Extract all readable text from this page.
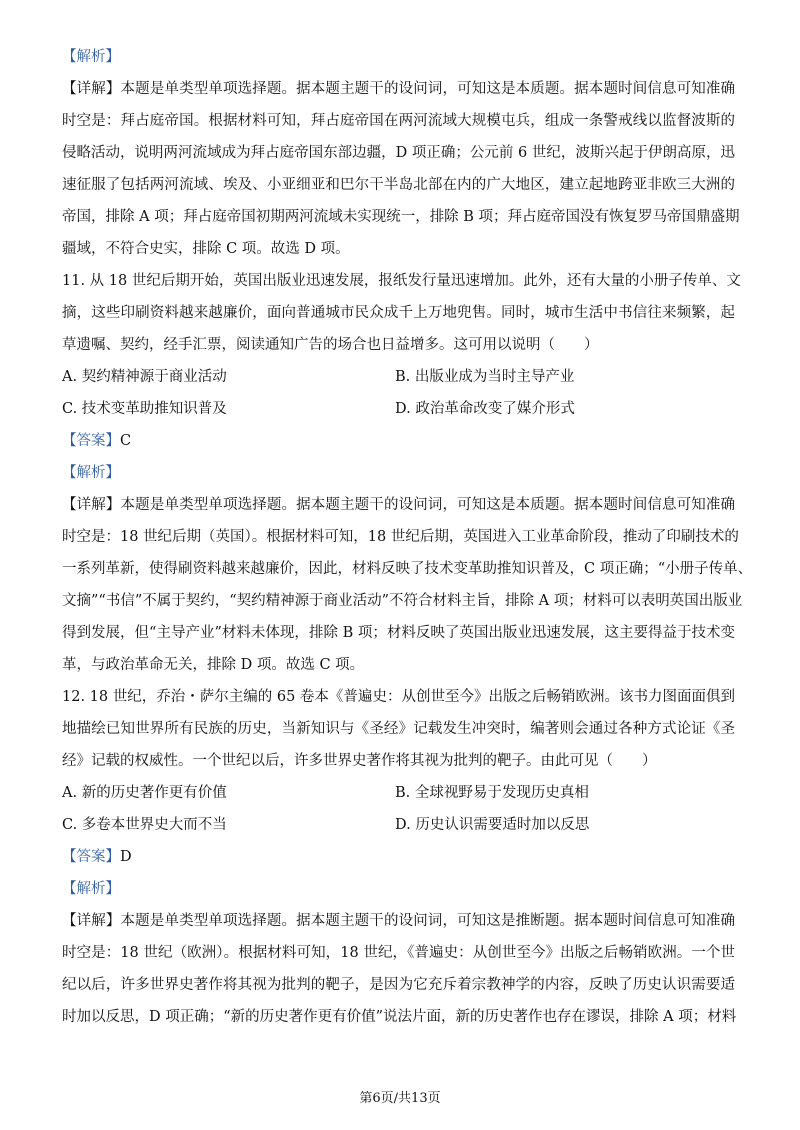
【解析】
【详解】本题是单类型单项选择题。据本题主题干的设问词，可知这是本质题。据本题时间信息可知准确
时空是：拜占庭帝国。根据材料可知，拜占庭帝国在两河流域大规模屯兵，组成一条警戒线以监督波斯的
侵略活动，说明两河流域成为拜占庭帝国东部边疆，D 项正确；公元前 6 世纪，波斯兴起于伊朗高原，迅
速征服了包括两河流域、埃及、小亚细亚和巴尔干半岛北部在内的广大地区，建立起地跨亚非欧三大洲的
帝国，排除 A 项；拜占庭帝国初期两河流域未实现统一，排除 B 项；拜占庭帝国没有恢复罗马帝国鼎盛期
疆域，不符合史实，排除 C 项。故选 D 项。
11. 从 18 世纪后期开始，英国出版业迅速发展，报纸发行量迅速增加。此外，还有大量的小册子传单、文
摘，这些印刷资料越来越廉价，面向普通城市民众成千上万地兜售。同时，城市生活中书信往来频繁，起
草遗嘱、契约，经手汇票，阅读通知广告的场合也日益增多。这可用以说明（　　）
A. 契约精神源于商业活动	B. 出版业成为当时主导产业
C. 技术变革助推知识普及	D. 政治革命改变了媒介形式
【答案】C
【解析】
【详解】本题是单类型单项选择题。据本题主题干的设问词，可知这是本质题。据本题时间信息可知准确
时空是：18 世纪后期（英国）。根据材料可知，18 世纪后期，英国进入工业革命阶段，推动了印刷技术的
一系列革新，使得刷资料越来越廉价，因此，材料反映了技术变革助推知识普及，C 项正确；“小册子传单、
文摘”“书信”不属于契约，“契约精神源于商业活动”不符合材料主旨，排除 A 项；材料可以表明英国出版业
得到发展，但“主导产业”材料未体现，排除 B 项；材料反映了英国出版业迅速发展，这主要得益于技术变
革，与政治革命无关，排除 D 项。故选 C 项。
12. 18 世纪，乔治・萨尔主编的 65 卷本《普遍史：从创世至今》出版之后畅销欧洲。该书力图面面俱到
地描绘已知世界所有民族的历史，当新知识与《圣经》记载发生冲突时，编著则会通过各种方式论证《圣
经》记载的权威性。一个世纪以后，许多世界史著作将其视为批判的靶子。由此可见（　　）
A. 新的历史著作更有价值	B. 全球视野易于发现历史真相
C. 多卷本世界史大而不当	D. 历史认识需要适时加以反思
【答案】D
【解析】
【详解】本题是单类型单项选择题。据本题主题干的设问词，可知这是推断题。据本题时间信息可知准确
时空是：18 世纪（欧洲）。根据材料可知，18 世纪，《普遍史：从创世至今》出版之后畅销欧洲。一个世
纪以后，许多世界史著作将其视为批判的靶子，是因为它充斥着宗教神学的内容，反映了历史认识需要适
时加以反思，D 项正确；“新的历史著作更有价值”说法片面，新的历史著作也存在谬误，排除 A 项；材料
第6页/共13页
